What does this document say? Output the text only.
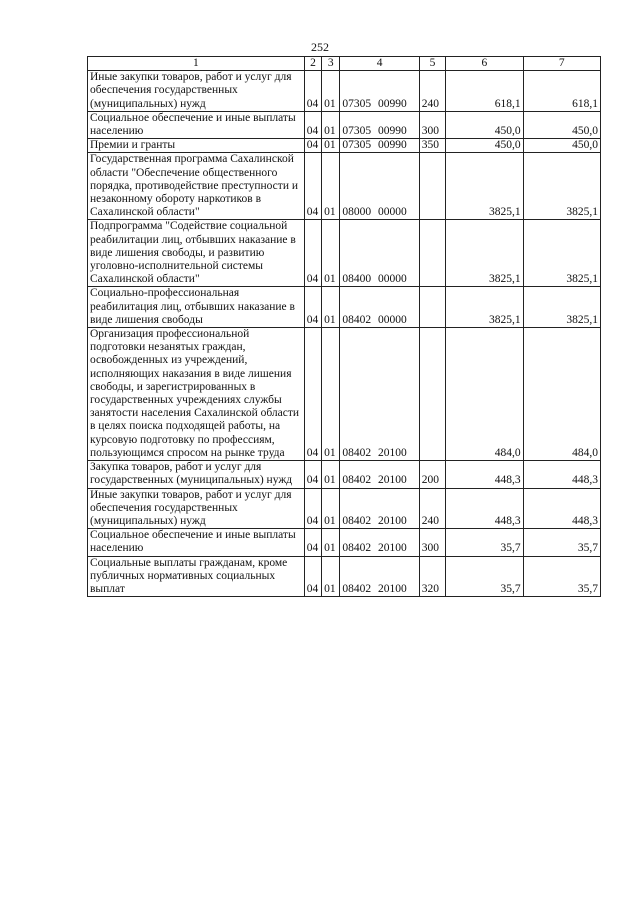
252
1	2	3	4	5	6	7
Иные закупки товаров, работ и услуг для обеспечения государственных (муниципальных) нужд	04	01	07305 00990	240	618,1	618,1
Социальное обеспечение и иные выплаты населению	04	01	07305 00990	300	450,0	450,0
Премии и гранты	04	01	07305 00990	350	450,0	450,0
Государственная программа Сахалинской области "Обеспечение общественного порядка, противодействие преступности и незаконному обороту наркотиков в Сахалинской области"	04	01	08000 00000		3825,1	3825,1
Подпрограмма "Содействие социальной реабилитации лиц, отбывших наказание в виде лишения свободы, и развитию уголовно-исполнительной системы Сахалинской области"	04	01	08400 00000		3825,1	3825,1
Социально-профессиональная реабилитация лиц, отбывших наказание в виде лишения свободы	04	01	08402 00000		3825,1	3825,1
Организация профессиональной подготовки незанятых граждан, освобожденных из учреждений, исполняющих наказания в виде лишения свободы, и зарегистрированных в государственных учреждениях службы занятости населения Сахалинской области в целях поиска подходящей работы, на курсовую подготовку по профессиям, пользующимся спросом на рынке труда	04	01	08402 20100		484,0	484,0
Закупка товаров, работ и услуг для государственных (муниципальных) нужд	04	01	08402 20100	200	448,3	448,3
Иные закупки товаров, работ и услуг для обеспечения государственных (муниципальных) нужд	04	01	08402 20100	240	448,3	448,3
Социальное обеспечение и иные выплаты населению	04	01	08402 20100	300	35,7	35,7
Социальные выплаты гражданам, кроме публичных нормативных социальных выплат	04	01	08402 20100	320	35,7	35,7
